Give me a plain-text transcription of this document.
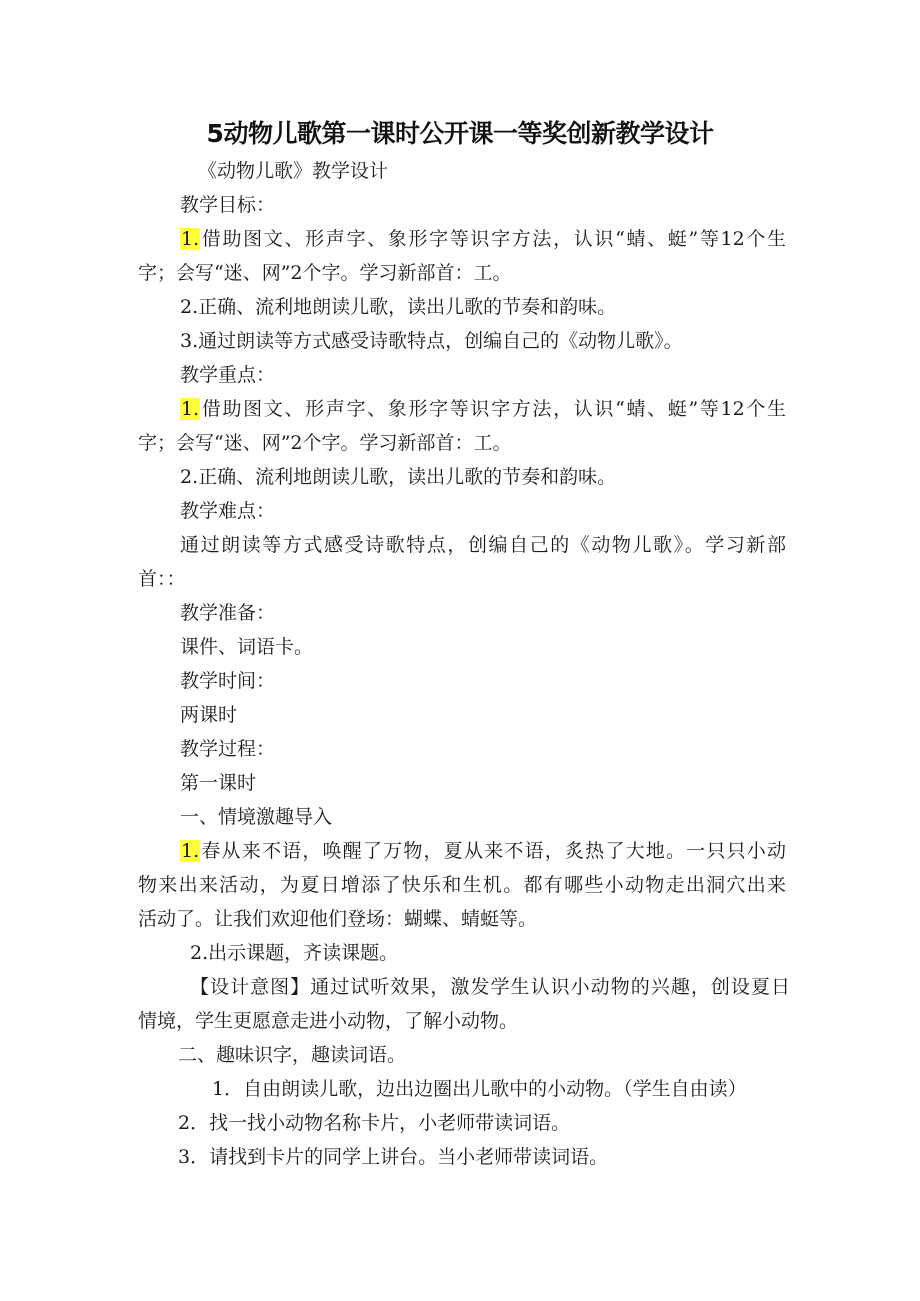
5动物儿歌第一课时公开课一等奖创新教学设计
《动物儿歌》教学设计
教学目标：
1.借助图文、形声字、象形字等识字方法，认识“蜻、蜓”等12个生
字；会写“迷、网”2个字。学习新部首：工。
2.正确、流利地朗读儿歌，读出儿歌的节奏和韵味。
3.通过朗读等方式感受诗歌特点，创编自己的《动物儿歌》。
教学重点：
1.借助图文、形声字、象形字等识字方法，认识“蜻、蜓”等12个生
字；会写“迷、网”2个字。学习新部首：工。
2.正确、流利地朗读儿歌，读出儿歌的节奏和韵味。
教学难点：
通过朗读等方式感受诗歌特点，创编自己的《动物儿歌》。学习新部
首：：
教学准备：
课件、词语卡。
教学时间：
两课时
教学过程：
第一课时
一、情境激趣导入
1.春从来不语，唤醒了万物，夏从来不语，炙热了大地。一只只小动
物来出来活动，为夏日增添了快乐和生机。都有哪些小动物走出洞穴出来
活动了。让我们欢迎他们登场：蝴蝶、蜻蜓等。
2.出示课题，齐读课题。
【设计意图】通过试听效果，激发学生认识小动物的兴趣，创设夏日
情境，学生更愿意走进小动物，了解小动物。
二、趣味识字，趣读词语。
1．自由朗读儿歌，边出边圈出儿歌中的小动物。（学生自由读）
2．找一找小动物名称卡片，小老师带读词语。
3．请找到卡片的同学上讲台。当小老师带读词语。
